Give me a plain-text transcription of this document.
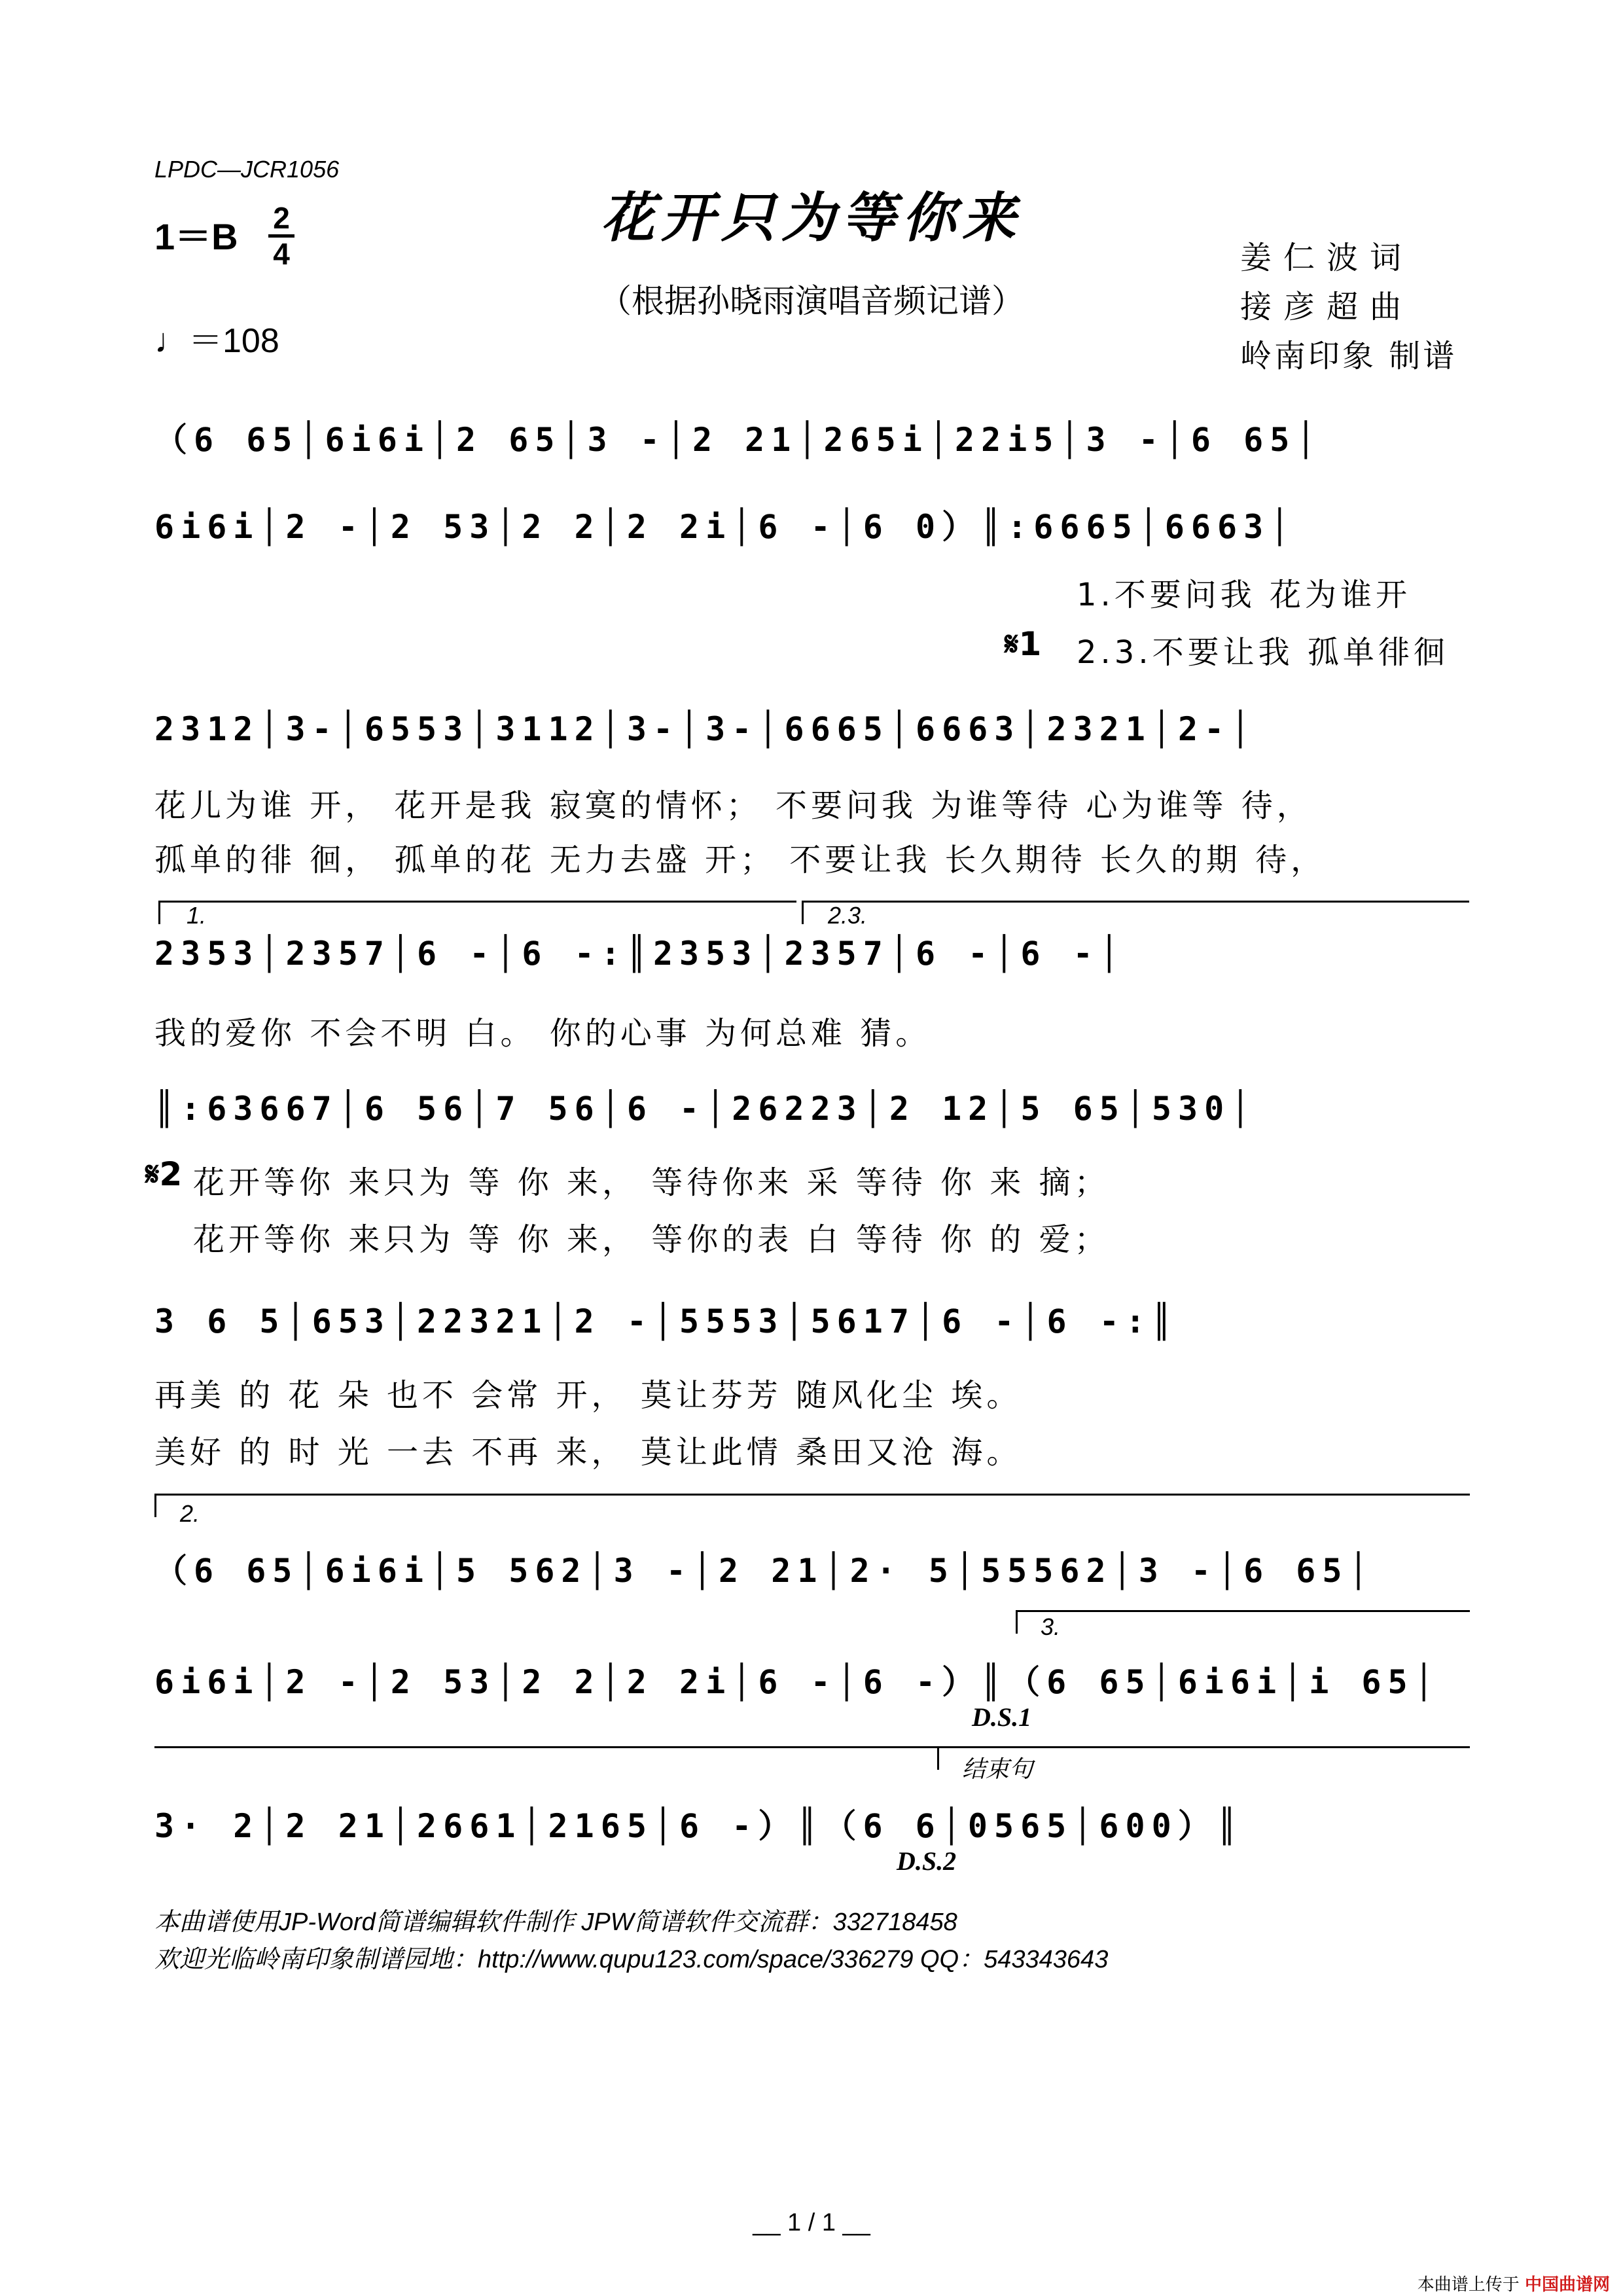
LPDC—JCR1056
花开只为等你来
（根据孙晓雨演唱音频记谱）
1＝B 2
4
♩＝108
姜仁波词
接彦超曲
岭南印象 制谱
（6 65│6i6i│2 65│3 -│2 21│265i│22i5│3 -│6 65│
6i6i│2 -│2 53│2 2│2 2i│6 -│6 0）║:6665│6663│
1.不要问我 花为谁开
𝄋1 2.3.不要让我 孤单徘徊
2312│3-│6553│3112│3-│3-│6665│6663│2321│2-│
花儿为谁 开， 花开是我 寂寞的情怀； 不要问我 为谁等待 心为谁等 待，
孤单的徘 徊， 孤单的花 无力去盛 开； 不要让我 长久期待 长久的期 待，
1.	2.3.
2353│2357│6 -│6 -:║2353│2357│6 -│6 -│
我的爱你 不会不明 白。 你的心事 为何总难 猜。
║:63667│6 56│7 56│6 -│26223│2 12│5 65│530│
𝄋2 花开等你 来只为 等 你 来， 等待你来 采 等待 你 来 摘；
花开等你 来只为 等 你 来， 等你的表 白 等待 你 的 爱；
3 6 5│653│22321│2 -│5553│5617│6 -│6 -:║
再美 的 花 朵 也不 会常 开， 莫让芬芳 随风化尘 埃。
美好 的 时 光 一去 不再 来， 莫让此情 桑田又沧 海。
2.
（6 65│6i6i│5 562│3 -│2 21│2· 5│55562│3 -│6 65│
3.
6i6i│2 -│2 53│2 2│2 2i│6 -│6 -）║（6 65│6i6i│i 65│
D.S.1
结束句
3· 2│2 21│2661│2165│6 -）║（6 6│0565│600）║
D.S.2
本曲谱使用JP-Word简谱编辑软件制作 JPW简谱软件交流群：332718458
欢迎光临岭南印象制谱园地：http://www.qupu123.com/space/336279 QQ：543343643
__ 1 / 1 __
本曲谱上传于 中国曲谱网
